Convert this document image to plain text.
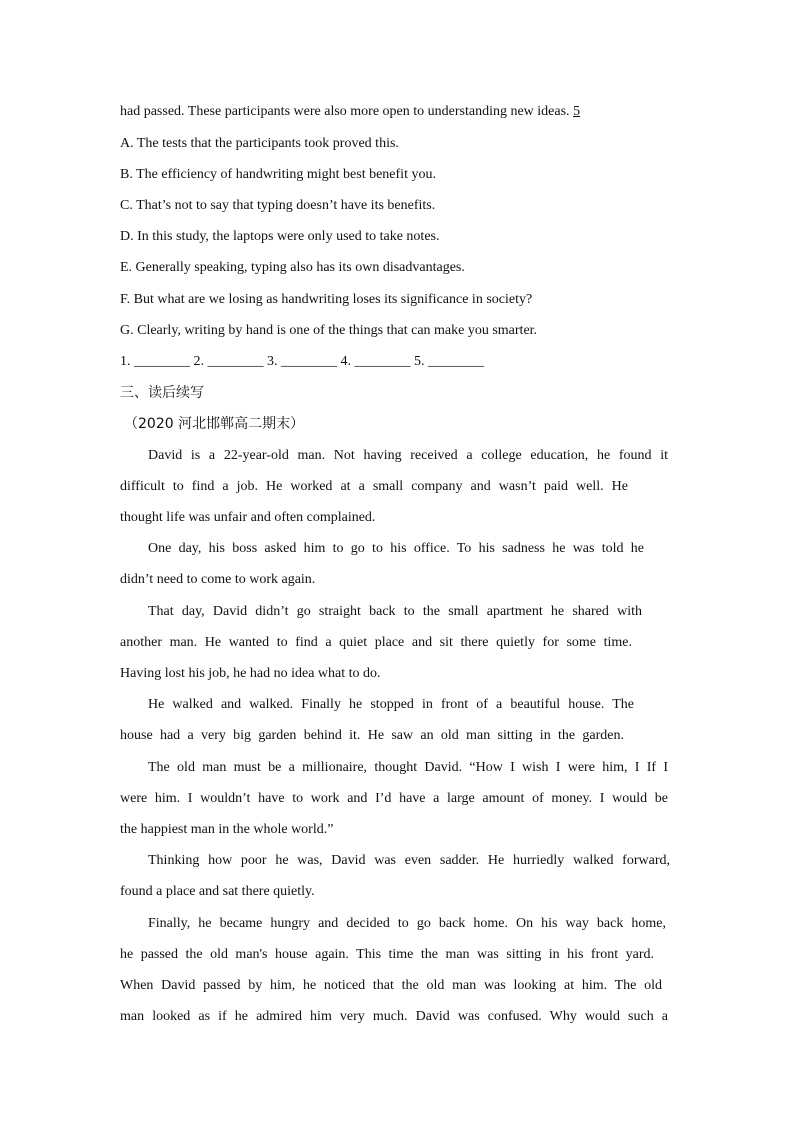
had passed. These participants were also more open to understanding new ideas. 5
A. The tests that the participants took proved this.
B. The efficiency of handwriting might best benefit you.
C. That’s not to say that typing doesn’t have its benefits.
D. In this study, the laptops were only used to take notes.
E. Generally speaking, typing also has its own disadvantages.
F. But what are we losing as handwriting loses its significance in society?
G. Clearly, writing by hand is one of the things that can make you smarter.
1. ________ 2. ________ 3. ________ 4. ________ 5. ________
三、读后续写
（2020 河北邯郸高二期末）
David is a 22-year-old man. Not having received a college education, he found it
difficult to find a job. He worked at a small company and wasn’t paid well. He
thought life was unfair and often complained.
One day, his boss asked him to go to his office. To his sadness he was told he
didn’t need to come to work again.
That day, David didn’t go straight back to the small apartment he shared with
another man. He wanted to find a quiet place and sit there quietly for some time.
Having lost his job, he had no idea what to do.
He walked and walked. Finally he stopped in front of a beautiful house. The
house had a very big garden behind it. He saw an old man sitting in the garden.
The old man must be a millionaire, thought David. “How I wish I were him, I If I
were him. I wouldn’t have to work and I’d have a large amount of money. I would be
the happiest man in the whole world.”
Thinking how poor he was, David was even sadder. He hurriedly walked forward,
found a place and sat there quietly.
Finally, he became hungry and decided to go back home. On his way back home,
he passed the old man's house again. This time the man was sitting in his front yard.
When David passed by him, he noticed that the old man was looking at him. The old
man looked as if he admired him very much. David was confused. Why would such a
